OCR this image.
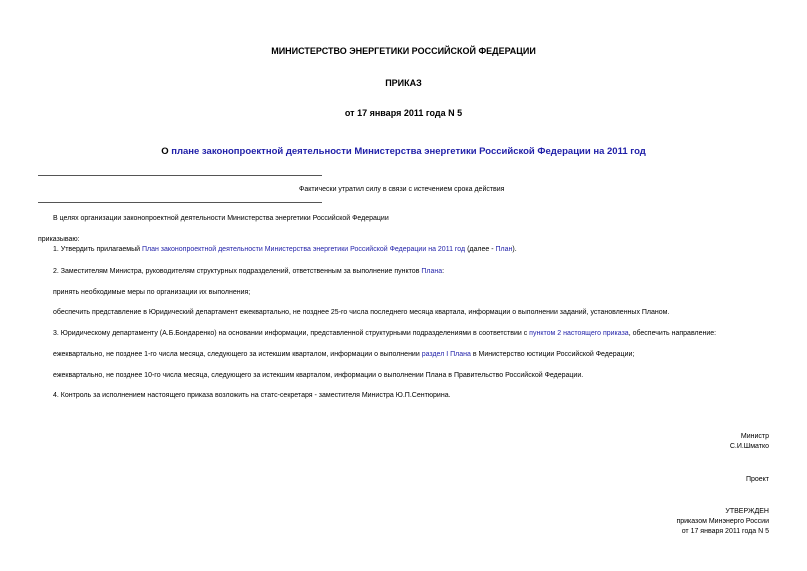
МИНИСТЕРСТВО ЭНЕРГЕТИКИ РОССИЙСКОЙ ФЕДЕРАЦИИ
ПРИКАЗ
от 17 января 2011 года N 5
О плане законопроектной деятельности Министерства энергетики Российской Федерации на 2011 год
Фактически утратил силу в связи с истечением срока действия
В целях организации законопроектной деятельности Министерства энергетики Российской Федерации
приказываю:
1. Утвердить прилагаемый План законопроектной деятельности Министерства энергетики Российской Федерации на 2011 год (далее - План).
2. Заместителям Министра, руководителям структурных подразделений, ответственным за выполнение пунктов Плана:
принять необходимые меры по организации их выполнения;
обеспечить представление в Юридический департамент ежеквартально, не позднее 25-го числа последнего месяца квартала, информации о выполнении заданий, установленных Планом.
3. Юридическому департаменту (А.Б.Бондаренко) на основании информации, представленной структурными подразделениями в соответствии с пунктом 2 настоящего приказа, обеспечить направление:
ежеквартально, не позднее 1-го числа месяца, следующего за истекшим кварталом, информации о выполнении раздел I Плана в Министерство юстиции Российской Федерации;
ежеквартально, не позднее 10-го числа месяца, следующего за истекшим кварталом, информации о выполнении Плана в Правительство Российской Федерации.
4. Контроль за исполнением настоящего приказа возложить на статс-секретаря - заместителя Министра Ю.П.Сентюрина.
Министр
С.И.Шматко
Проект
УТВЕРЖДЕН
приказом Минэнерго России
от 17 января 2011 года N 5
